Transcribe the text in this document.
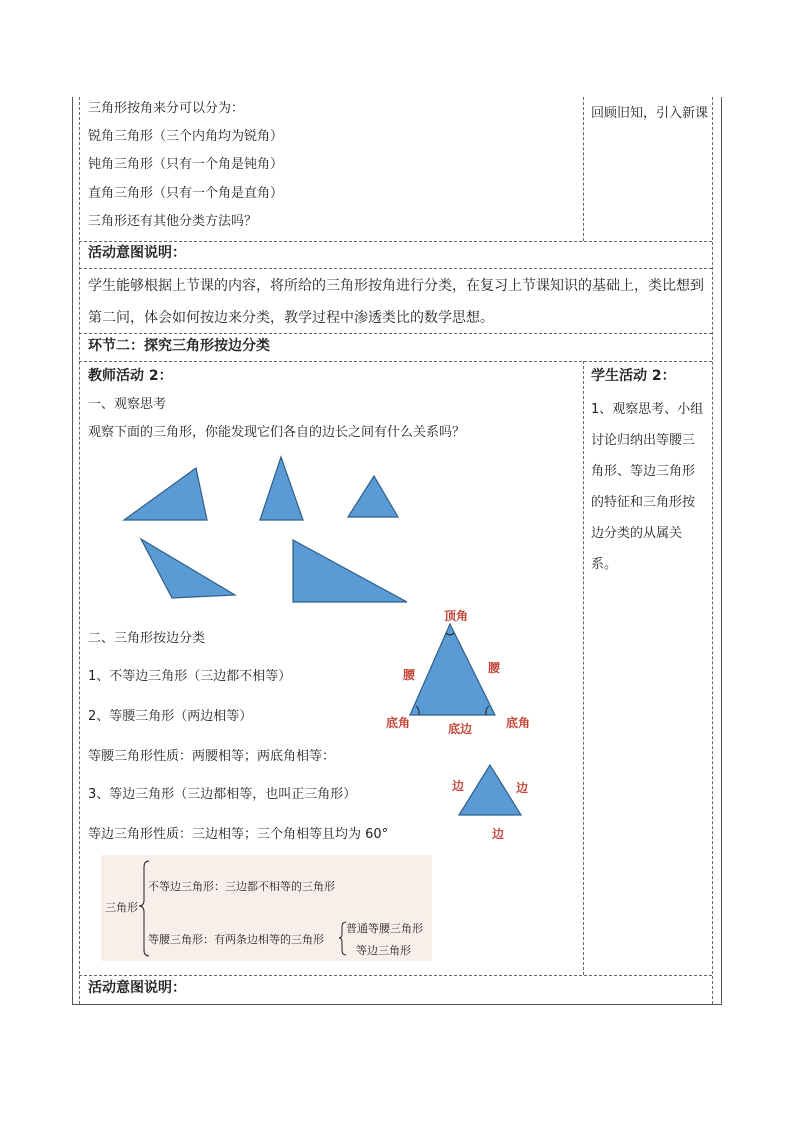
三角形按角来分可以分为：
锐角三角形（三个内角均为锐角）
钝角三角形（只有一个角是钝角）
直角三角形（只有一个角是直角）
三角形还有其他分类方法吗？
回顾旧知，引入新课
活动意图说明：
学生能够根据上节课的内容，将所给的三角形按角进行分类，在复习上节课知识的基础上，类比想到第二问，体会如何按边来分类，教学过程中渗透类比的数学思想。
环节二：探究三角形按边分类
教师活动 2：
一、观察思考
观察下面的三角形，你能发现它们各自的边长之间有什么关系吗？
二、三角形按边分类
1、不等边三角形（三边都不相等）
2、等腰三角形（两边相等）
等腰三角形性质：两腰相等；两底角相等：
3、等边三角形（三边都相等，也叫正三角形）
等边三角形性质：三边相等；三个角相等且均为 60°
顶角
腰	腰
底角	底边	底角
边	边
边
三角形
不等边三角形：三边都不相等的三角形
等腰三角形：有两条边相等的三角形
普通等腰三角形
等边三角形
学生活动 2：
1、观察思考、小组讨论归纳出等腰三角形、等边三角形的特征和三角形按边分类的从属关系。
活动意图说明：
